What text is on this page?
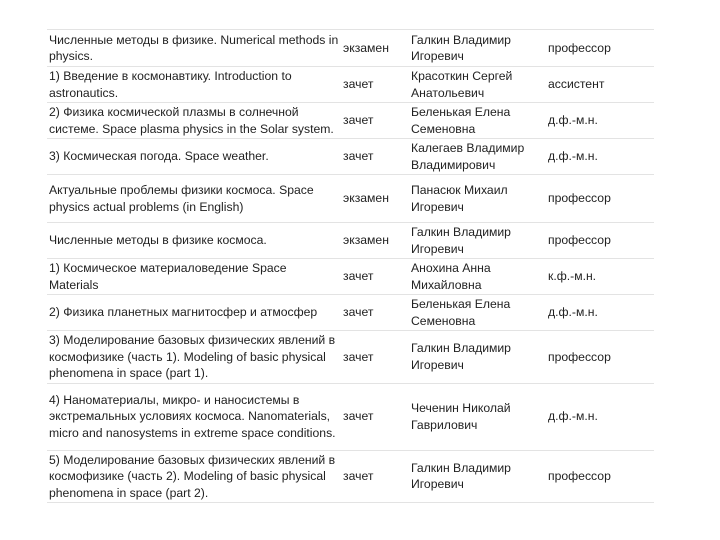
Численные методы в физике. Numerical methods in physics.	экзамен	Галкин Владимир Игоревич	профессор
1) Введение в космонавтику. Introduction to astronautics.	зачет	Красоткин Сергей Анатольевич	ассистент
2) Физика космической плазмы в солнечной системе. Space plasma physics in the Solar system.	зачет	Беленькая Елена Семеновна	д.ф.-м.н.
3) Космическая погода. Space weather.	зачет	Калегаев Владимир Владимирович	д.ф.-м.н.
Актуальные проблемы физики космоса. Space physics actual problems (in English)	экзамен	Панасюк Михаил Игоревич	профессор
Численные методы в физике космоса.	экзамен	Галкин Владимир Игоревич	профессор
1) Космическое материаловедение Space Materials	зачет	Анохина Анна Михайловна	к.ф.-м.н.
2) Физика планетных магнитосфер и атмосфер	зачет	Беленькая Елена Семеновна	д.ф.-м.н.
3) Моделирование базовых физических явлений в космофизике (часть 1). Modeling of basic physical phenomena in space (part 1).	зачет	Галкин Владимир Игоревич	профессор
4) Наноматериалы, микро- и наносистемы в экстремальных условиях космоса. Nanomaterials, micro and nanosystems in extreme space conditions.	зачет	Чеченин Николай Гаврилович	д.ф.-м.н.
5) Моделирование базовых физических явлений в космофизике (часть 2). Modeling of basic physical phenomena in space (part 2).	зачет	Галкин Владимир Игоревич	профессор
